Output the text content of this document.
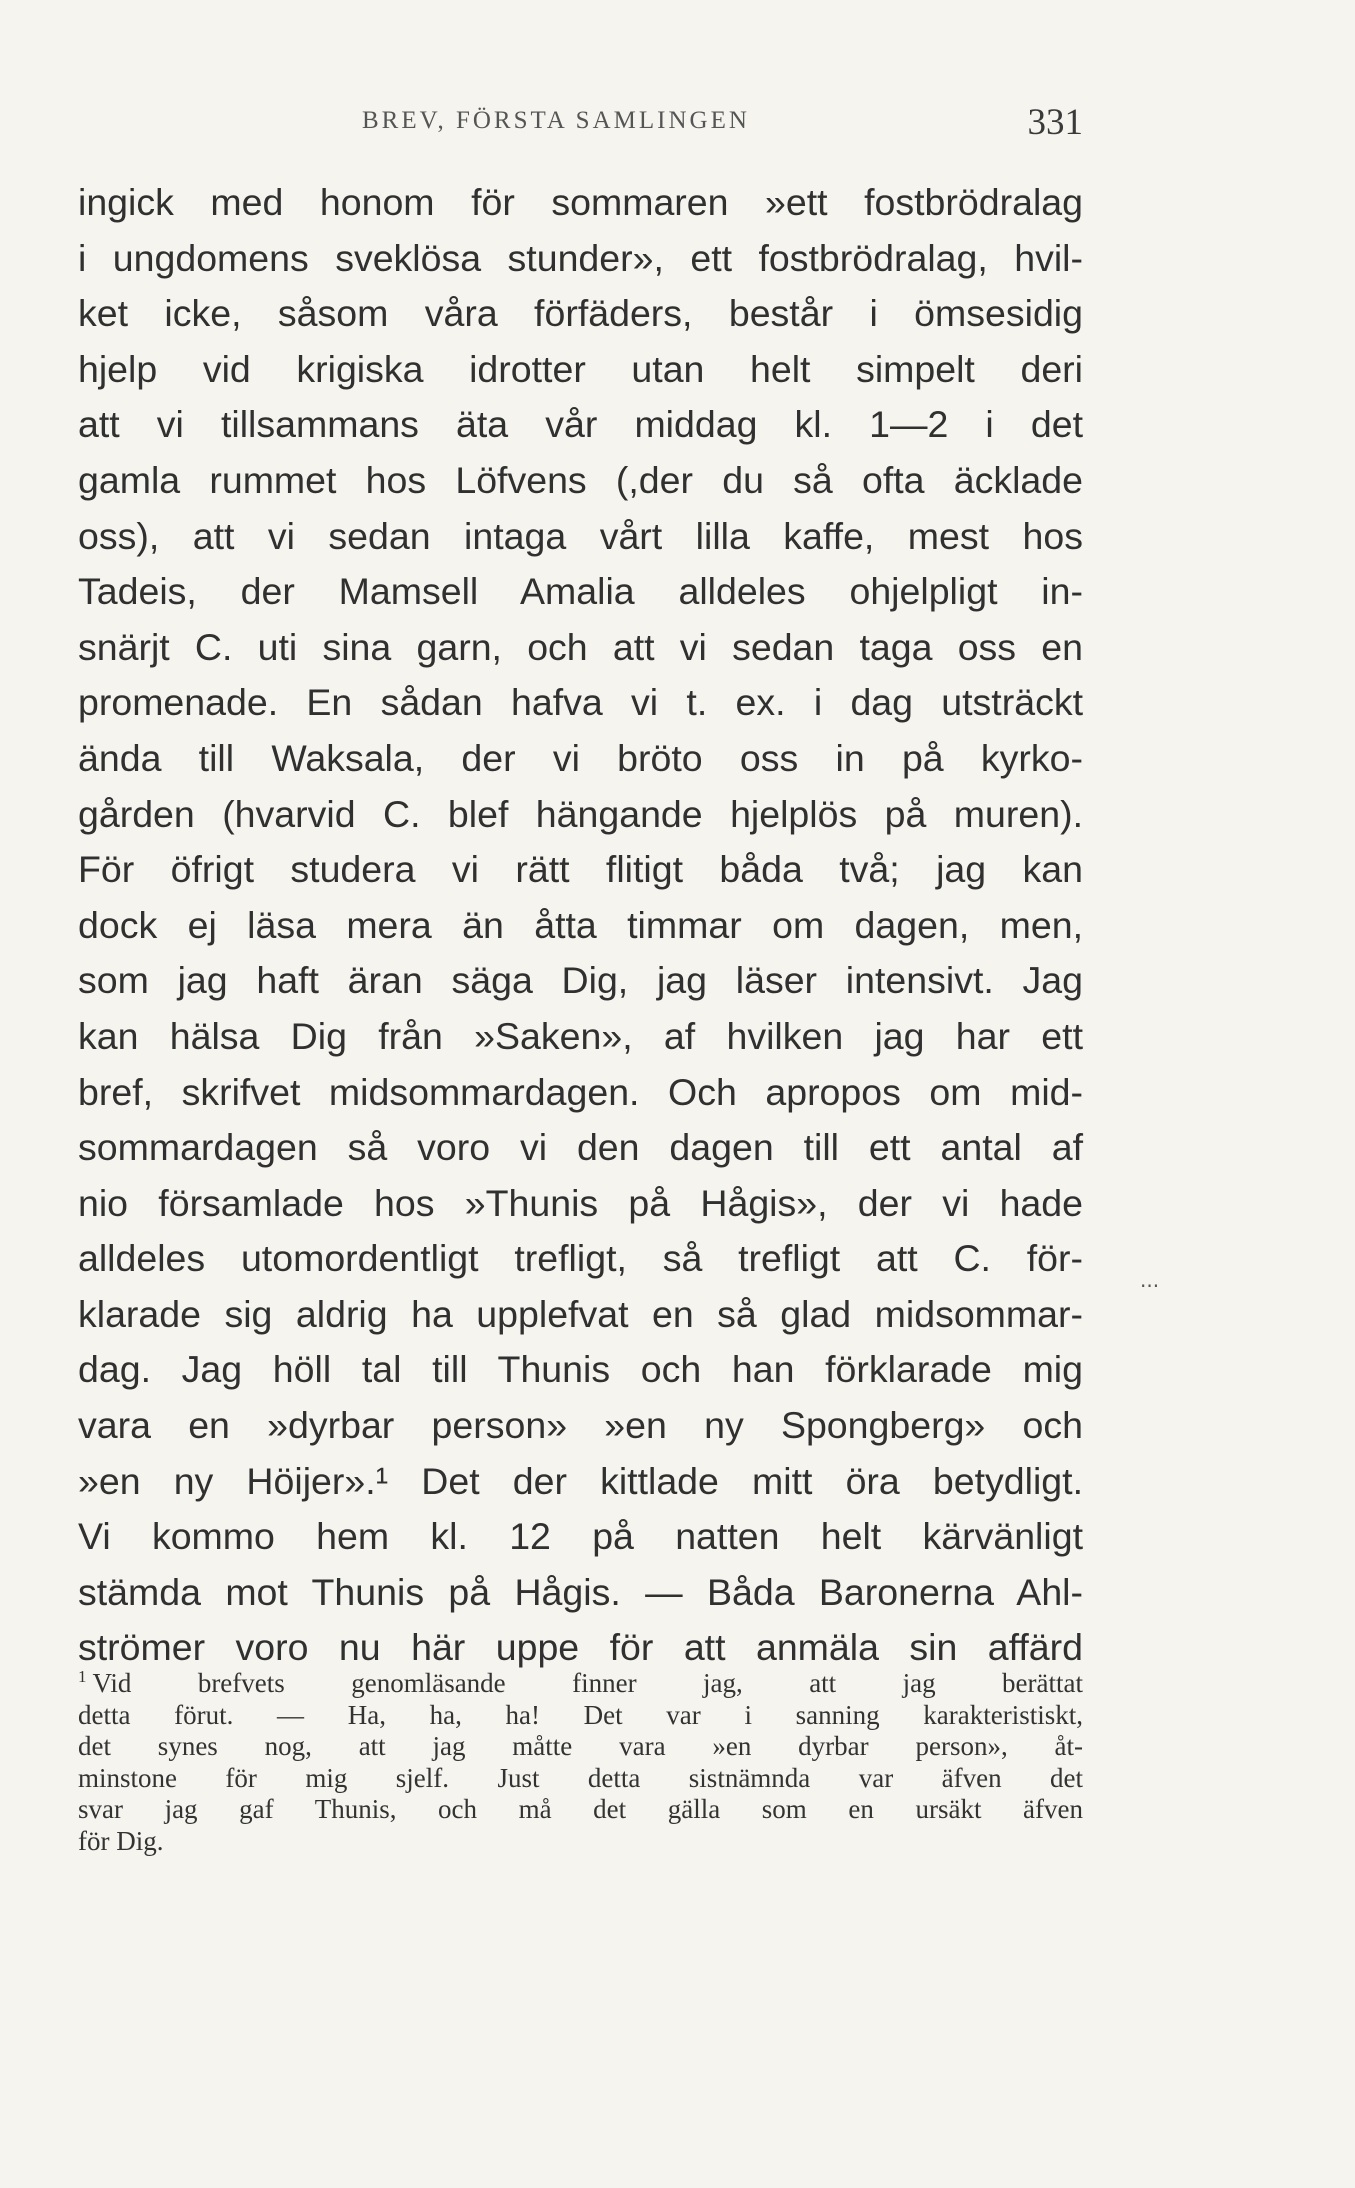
BREV, FÖRSTA SAMLINGEN	331
ingick med honom för sommaren »ett fostbrödralag
i ungdomens sveklösa stunder», ett fostbrödralag, hvil-
ket icke, såsom våra förfäders, består i ömsesidig
hjelp vid krigiska idrotter utan helt simpelt deri
att vi tillsammans äta vår middag kl. 1—2 i det
gamla rummet hos Löfvens (,der du så ofta äcklade
oss), att vi sedan intaga vårt lilla kaffe, mest hos
Tadeis, der Mamsell Amalia alldeles ohjelpligt in-
snärjt C. uti sina garn, och att vi sedan taga oss en
promenade. En sådan hafva vi t. ex. i dag utsträckt
ända till Waksala, der vi bröto oss in på kyrko-
gården (hvarvid C. blef hängande hjelplös på muren).
För öfrigt studera vi rätt flitigt båda två; jag kan
dock ej läsa mera än åtta timmar om dagen, men,
som jag haft äran säga Dig, jag läser intensivt. Jag
kan hälsa Dig från »Saken», af hvilken jag har ett
bref, skrifvet midsommardagen. Och apropos om mid-
sommardagen så voro vi den dagen till ett antal af
nio församlade hos »Thunis på Hågis», der vi hade
alldeles utomordentligt trefligt, så trefligt att C. för-
klarade sig aldrig ha upplefvat en så glad midsommar-
dag. Jag höll tal till Thunis och han förklarade mig
vara en »dyrbar person» »en ny Spongberg» och
»en ny Höijer».¹ Det der kittlade mitt öra betydligt.
Vi kommo hem kl. 12 på natten helt kärvänligt
stämda mot Thunis på Hågis. — Båda Baronerna Ahl-
strömer voro nu här uppe för att anmäla sin affärd
...
$^1$ Vid brefvets genomläsande finner jag, att jag berättat
detta förut. — Ha, ha, ha! Det var i sanning karakteristiskt,
det synes nog, att jag måtte vara »en dyrbar person», åt-
minstone för mig sjelf. Just detta sistnämnda var äfven det
svar jag gaf Thunis, och må det gälla som en ursäkt äfven
för Dig.
